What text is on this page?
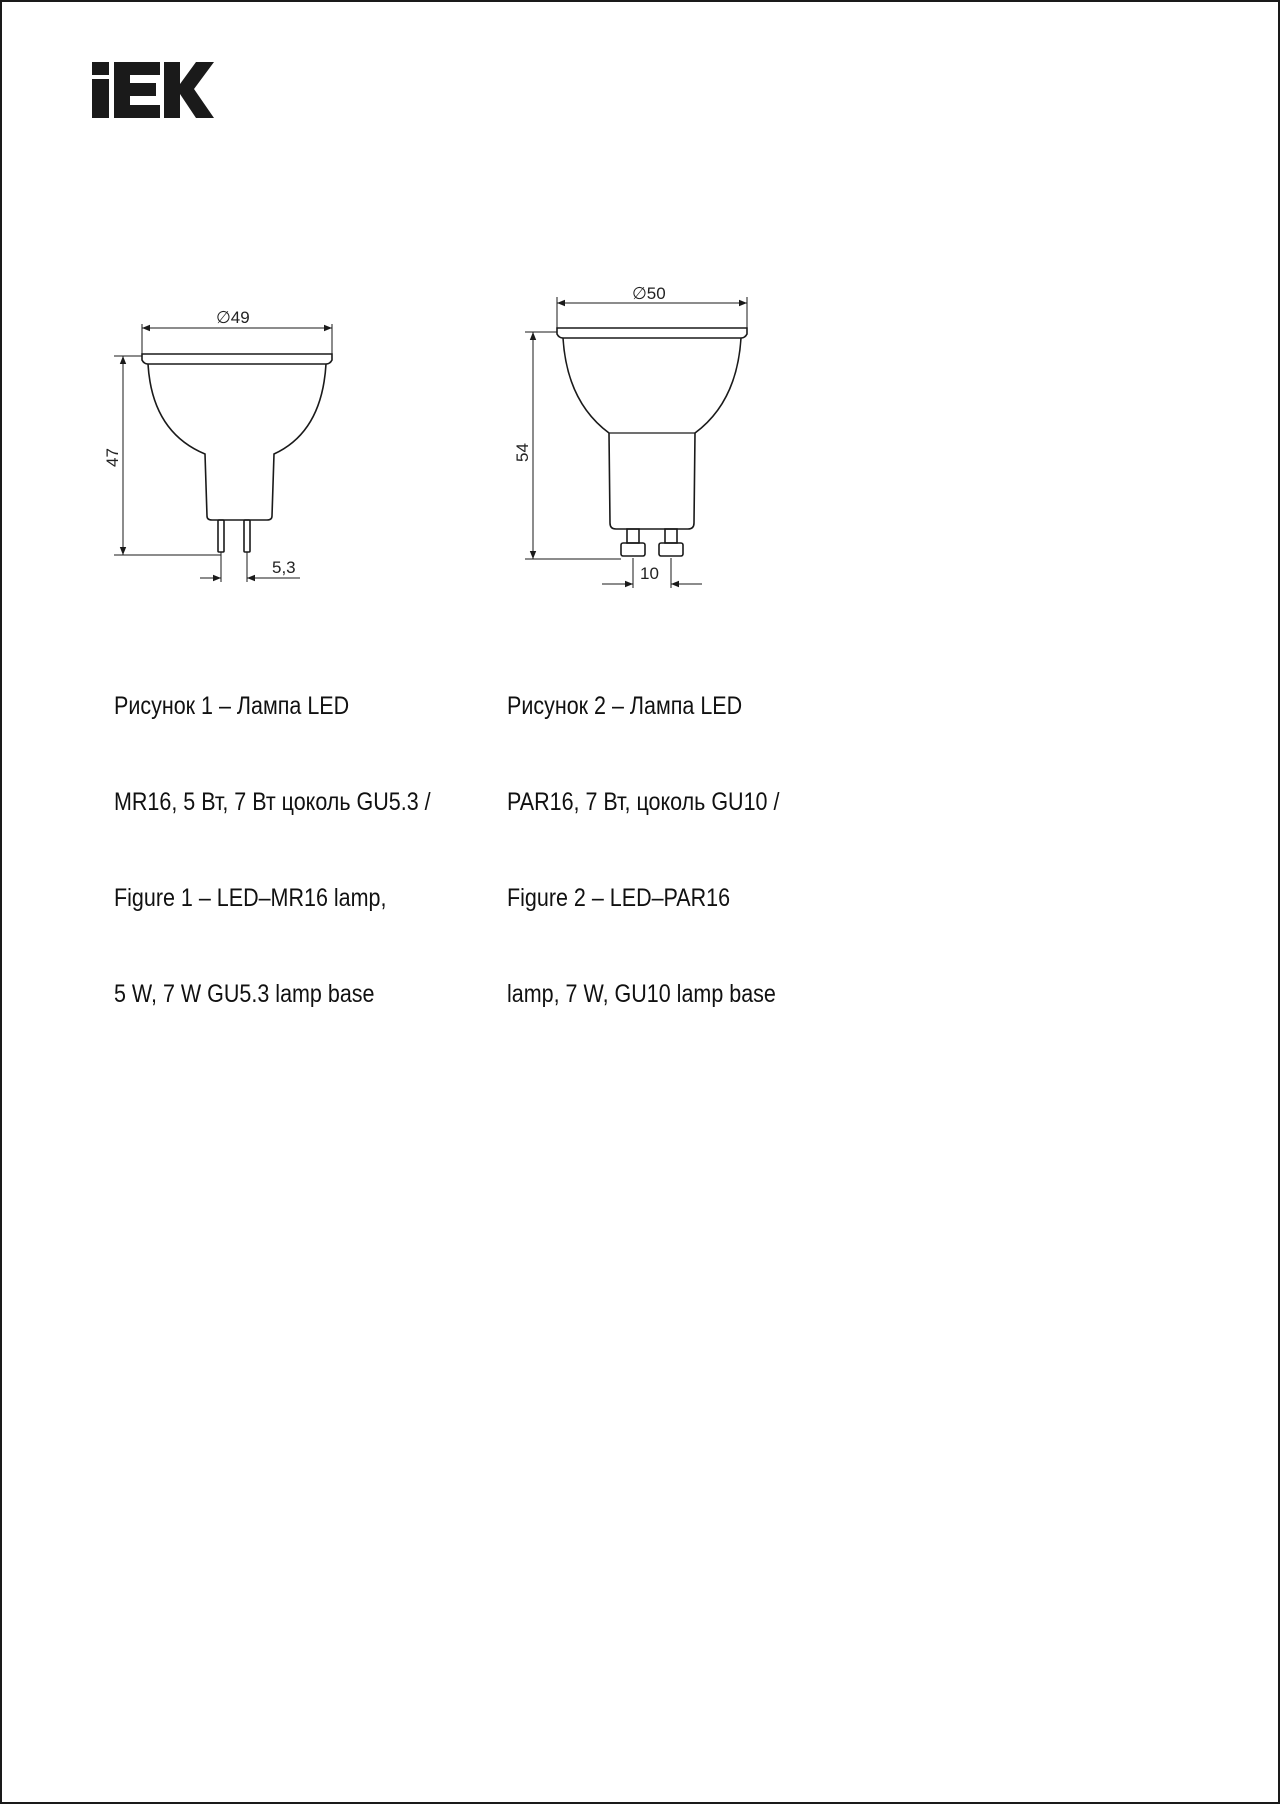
∅49
47
5,3
∅50
54
10

Рисунок 1 – Лампа LED

MR16, 5 Вт, 7 Вт цоколь GU5.3 /

Figure 1 – LED–MR16 lamp,

5 W, 7 W GU5.3 lamp base

Рисунок 2 – Лампа LED

PAR16, 7 Вт, цоколь GU10 /

Figure 2 – LED–PAR16

lamp, 7 W, GU10 lamp base
